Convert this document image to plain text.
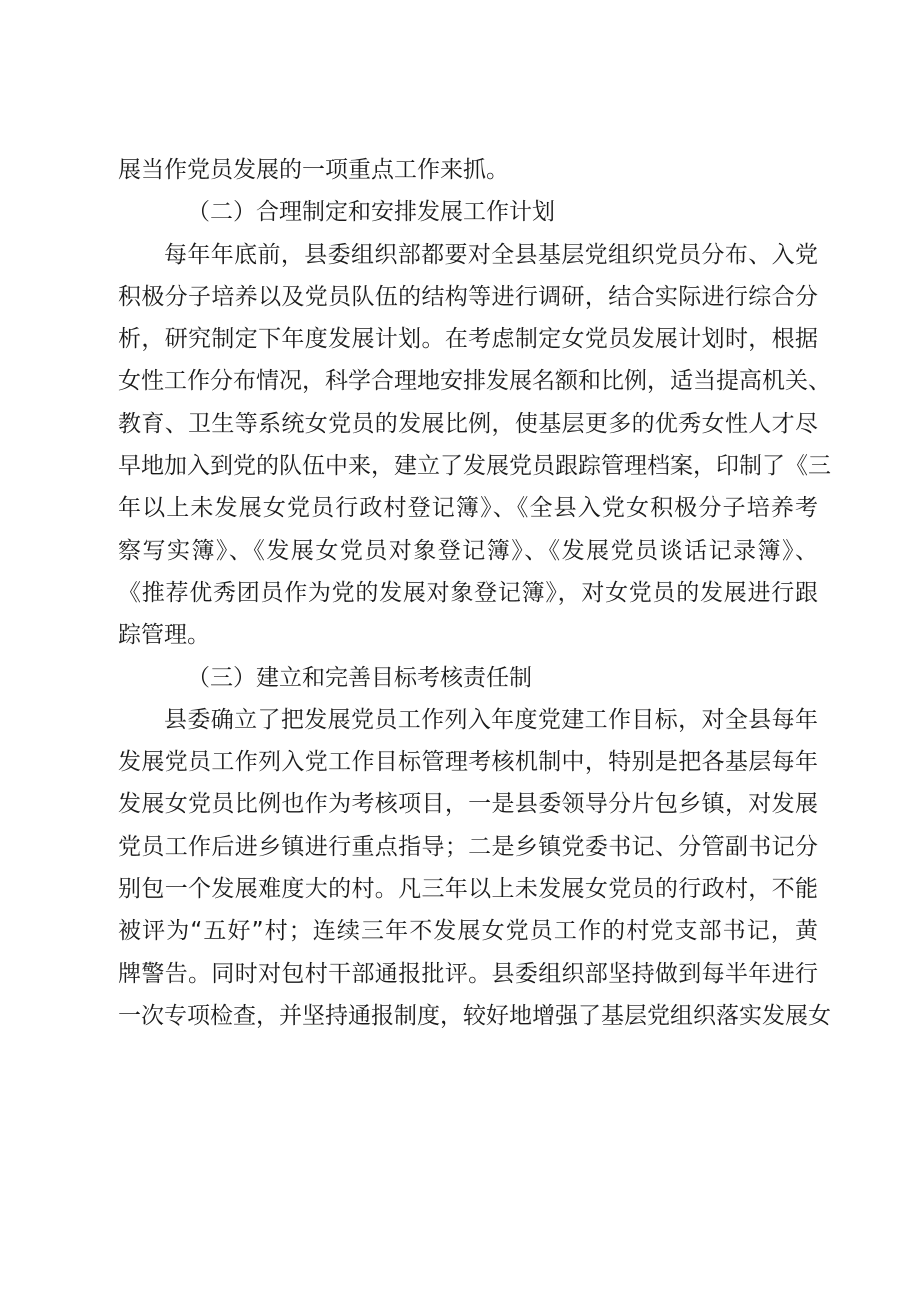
展当作党员发展的一项重点工作来抓。
（二）合理制定和安排发展工作计划
每年年底前，县委组织部都要对全县基层党组织党员分布、入党
积极分子培养以及党员队伍的结构等进行调研，结合实际进行综合分
析，研究制定下年度发展计划。在考虑制定女党员发展计划时，根据
女性工作分布情况，科学合理地安排发展名额和比例，适当提高机关、
教育、卫生等系统女党员的发展比例，使基层更多的优秀女性人才尽
早地加入到党的队伍中来，建立了发展党员跟踪管理档案，印制了《三
年以上未发展女党员行政村登记簿》、《全县入党女积极分子培养考
察写实簿》、《发展女党员对象登记簿》、《发展党员谈话记录簿》、
《推荐优秀团员作为党的发展对象登记簿》，对女党员的发展进行跟
踪管理。
（三）建立和完善目标考核责任制
县委确立了把发展党员工作列入年度党建工作目标，对全县每年
发展党员工作列入党工作目标管理考核机制中，特别是把各基层每年
发展女党员比例也作为考核项目，一是县委领导分片包乡镇，对发展
党员工作后进乡镇进行重点指导；二是乡镇党委书记、分管副书记分
别包一个发展难度大的村。凡三年以上未发展女党员的行政村，不能
被评为“五好”村；连续三年不发展女党员工作的村党支部书记，黄
牌警告。同时对包村干部通报批评。县委组织部坚持做到每半年进行
一次专项检查，并坚持通报制度，较好地增强了基层党组织落实发展女
